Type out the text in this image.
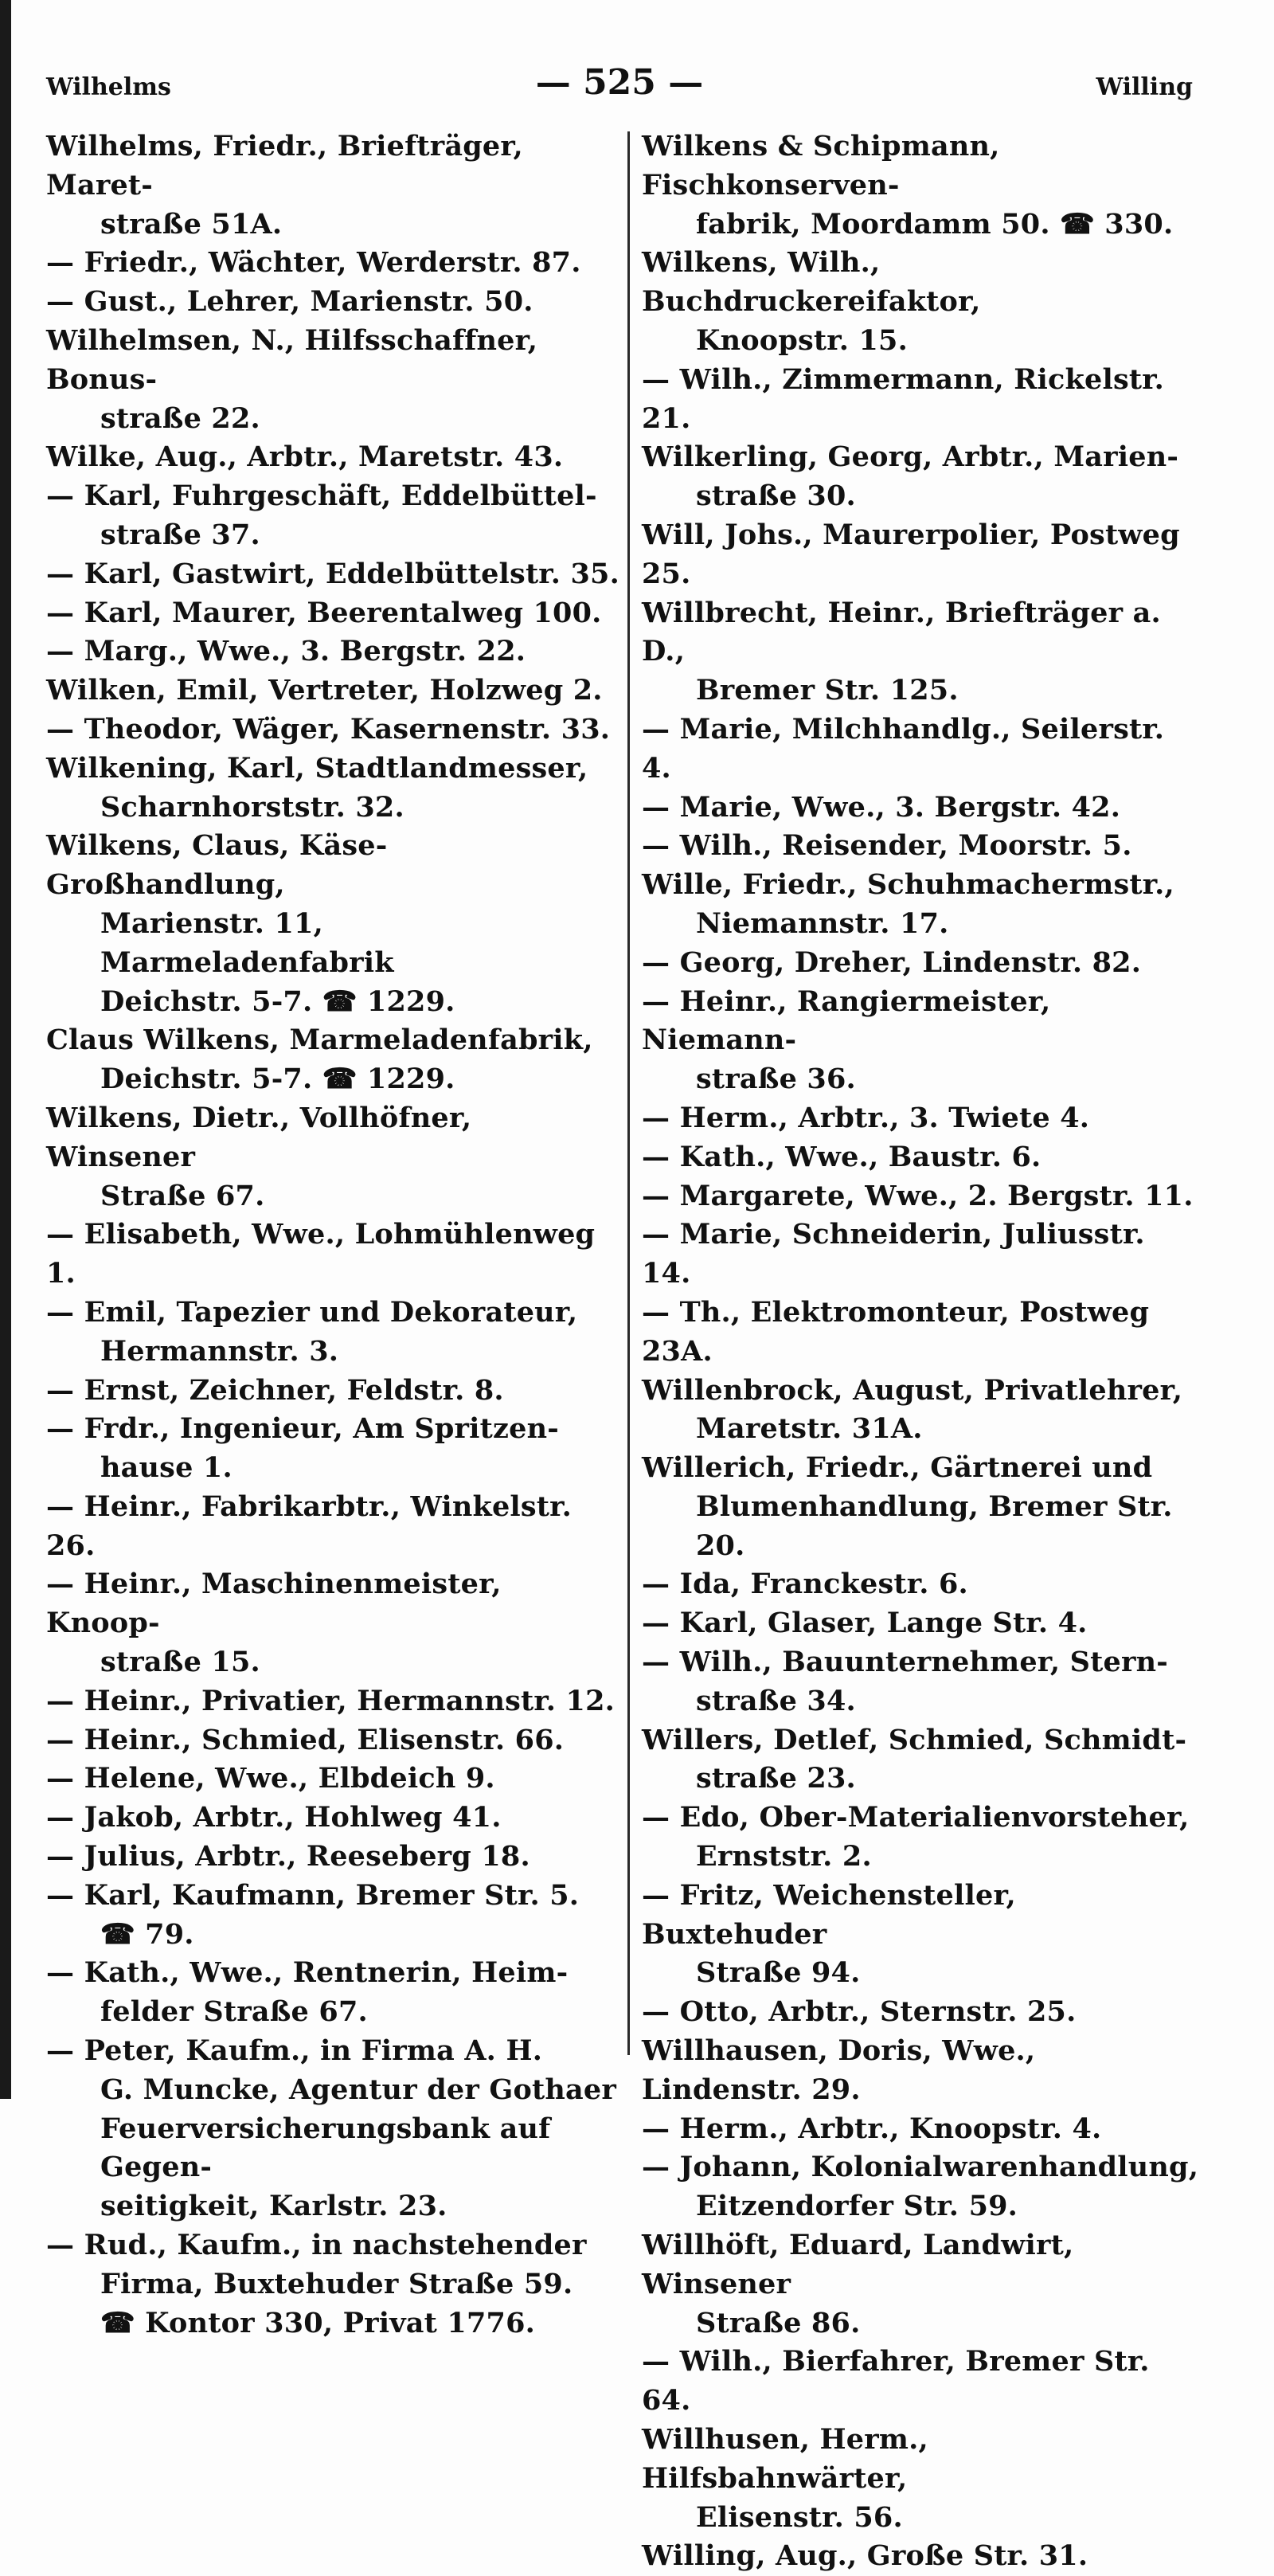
Wilhelms	— 525 —	Willing
Wilhelms, Friedr., Briefträger, Maret-
straße 51A.
— Friedr., Wächter, Werderstr. 87.
— Gust., Lehrer, Marienstr. 50.
Wilhelmsen, N., Hilfsschaffner, Bonus-
straße 22.
Wilke, Aug., Arbtr., Maretstr. 43.
— Karl, Fuhrgeschäft, Eddelbüttel-
straße 37.
— Karl, Gastwirt, Eddelbüttelstr. 35.
— Karl, Maurer, Beerentalweg 100.
— Marg., Wwe., 3. Bergstr. 22.
Wilken, Emil, Vertreter, Holzweg 2.
— Theodor, Wäger, Kasernenstr. 33.
Wilkening, Karl, Stadtlandmesser,
Scharnhorststr. 32.
Wilkens, Claus, Käse-Großhandlung,
Marienstr. 11, Marmeladenfabrik
Deichstr. 5-7. ☎ 1229.
Claus Wilkens, Marmeladenfabrik,
Deichstr. 5-7. ☎ 1229.
Wilkens, Dietr., Vollhöfner, Winsener
Straße 67.
— Elisabeth, Wwe., Lohmühlenweg 1.
— Emil, Tapezier und Dekorateur,
Hermannstr. 3.
— Ernst, Zeichner, Feldstr. 8.
— Frdr., Ingenieur, Am Spritzen-
hause 1.
— Heinr., Fabrikarbtr., Winkelstr. 26.
— Heinr., Maschinenmeister, Knoop-
straße 15.
— Heinr., Privatier, Hermannstr. 12.
— Heinr., Schmied, Elisenstr. 66.
— Helene, Wwe., Elbdeich 9.
— Jakob, Arbtr., Hohlweg 41.
— Julius, Arbtr., Reeseberg 18.
— Karl, Kaufmann, Bremer Str. 5.
☎ 79.
— Kath., Wwe., Rentnerin, Heim-
felder Straße 67.
— Peter, Kaufm., in Firma A. H.
G. Muncke, Agentur der Gothaer
Feuerversicherungsbank auf Gegen-
seitigkeit, Karlstr. 23.
— Rud., Kaufm., in nachstehender
Firma, Buxtehuder Straße 59.
☎ Kontor 330, Privat 1776.
Wilkens & Schipmann, Fischkonserven-
fabrik, Moordamm 50. ☎ 330.
Wilkens, Wilh., Buchdruckereifaktor,
Knoopstr. 15.
— Wilh., Zimmermann, Rickelstr. 21.
Wilkerling, Georg, Arbtr., Marien-
straße 30.
Will, Johs., Maurerpolier, Postweg 25.
Willbrecht, Heinr., Briefträger a. D.,
Bremer Str. 125.
— Marie, Milchhandlg., Seilerstr. 4.
— Marie, Wwe., 3. Bergstr. 42.
— Wilh., Reisender, Moorstr. 5.
Wille, Friedr., Schuhmachermstr.,
Niemannstr. 17.
— Georg, Dreher, Lindenstr. 82.
— Heinr., Rangiermeister, Niemann-
straße 36.
— Herm., Arbtr., 3. Twiete 4.
— Kath., Wwe., Baustr. 6.
— Margarete, Wwe., 2. Bergstr. 11.
— Marie, Schneiderin, Juliusstr. 14.
— Th., Elektromonteur, Postweg 23A.
Willenbrock, August, Privatlehrer,
Maretstr. 31A.
Willerich, Friedr., Gärtnerei und
Blumenhandlung, Bremer Str. 20.
— Ida, Franckestr. 6.
— Karl, Glaser, Lange Str. 4.
— Wilh., Bauunternehmer, Stern-
straße 34.
Willers, Detlef, Schmied, Schmidt-
straße 23.
— Edo, Ober-Materialienvorsteher,
Ernststr. 2.
— Fritz, Weichensteller, Buxtehuder
Straße 94.
— Otto, Arbtr., Sternstr. 25.
Willhausen, Doris, Wwe., Lindenstr. 29.
— Herm., Arbtr., Knoopstr. 4.
— Johann, Kolonialwarenhandlung,
Eitzendorfer Str. 59.
Willhöft, Eduard, Landwirt, Winsener
Straße 86.
— Wilh., Bierfahrer, Bremer Str. 64.
Willhusen, Herm., Hilfsbahnwärter,
Elisenstr. 56.
Willing, Aug., Große Str. 31.
